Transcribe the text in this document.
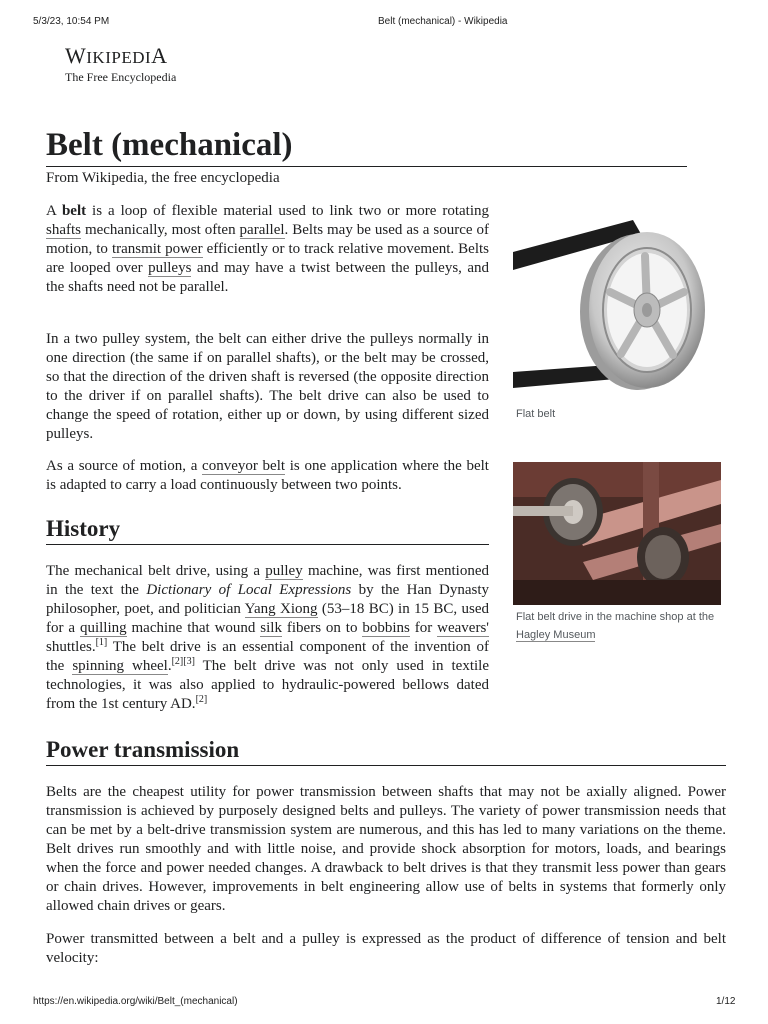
5/3/23, 10:54 PM	Belt (mechanical) - Wikipedia
WIKIPEDIA
The Free Encyclopedia
Belt (mechanical)
From Wikipedia, the free encyclopedia

A belt is a loop of flexible material used to link two or more rotating shafts mechanically, most often parallel. Belts may be used as a source of motion, to transmit power efficiently or to track relative movement. Belts are looped over pulleys and may have a twist between the pulleys, and the shafts need not be parallel.

In a two pulley system, the belt can either drive the pulleys normally in one direction (the same if on parallel shafts), or the belt may be crossed, so that the direction of the driven shaft is reversed (the opposite direction to the driver if on parallel shafts). The belt drive can also be used to change the speed of rotation, either up or down, by using different sized pulleys.

As a source of motion, a conveyor belt is one application where the belt is adapted to carry a load continuously between two points.

History

The mechanical belt drive, using a pulley machine, was first mentioned in the text the Dictionary of Local Expressions by the Han Dynasty philosopher, poet, and politician Yang Xiong (53–18 BC) in 15 BC, used for a quilling machine that wound silk fibers on to bobbins for weavers' shuttles.[1] The belt drive is an essential component of the invention of the spinning wheel.[2][3] The belt drive was not only used in textile technologies, it was also applied to hydraulic-powered bellows dated from the 1st century AD.[2]

Power transmission

Belts are the cheapest utility for power transmission between shafts that may not be axially aligned. Power transmission is achieved by purposely designed belts and pulleys. The variety of power transmission needs that can be met by a belt-drive transmission system are numerous, and this has led to many variations on the theme. Belt drives run smoothly and with little noise, and provide shock absorption for motors, loads, and bearings when the force and power needed changes. A drawback to belt drives is that they transmit less power than gears or chain drives. However, improvements in belt engineering allow use of belts in systems that formerly only allowed chain drives or gears.

Power transmitted between a belt and a pulley is expressed as the product of difference of tension and belt velocity:

Flat belt
Flat belt drive in the machine shop at the Hagley Museum
https://en.wikipedia.org/wiki/Belt_(mechanical)	1/12
